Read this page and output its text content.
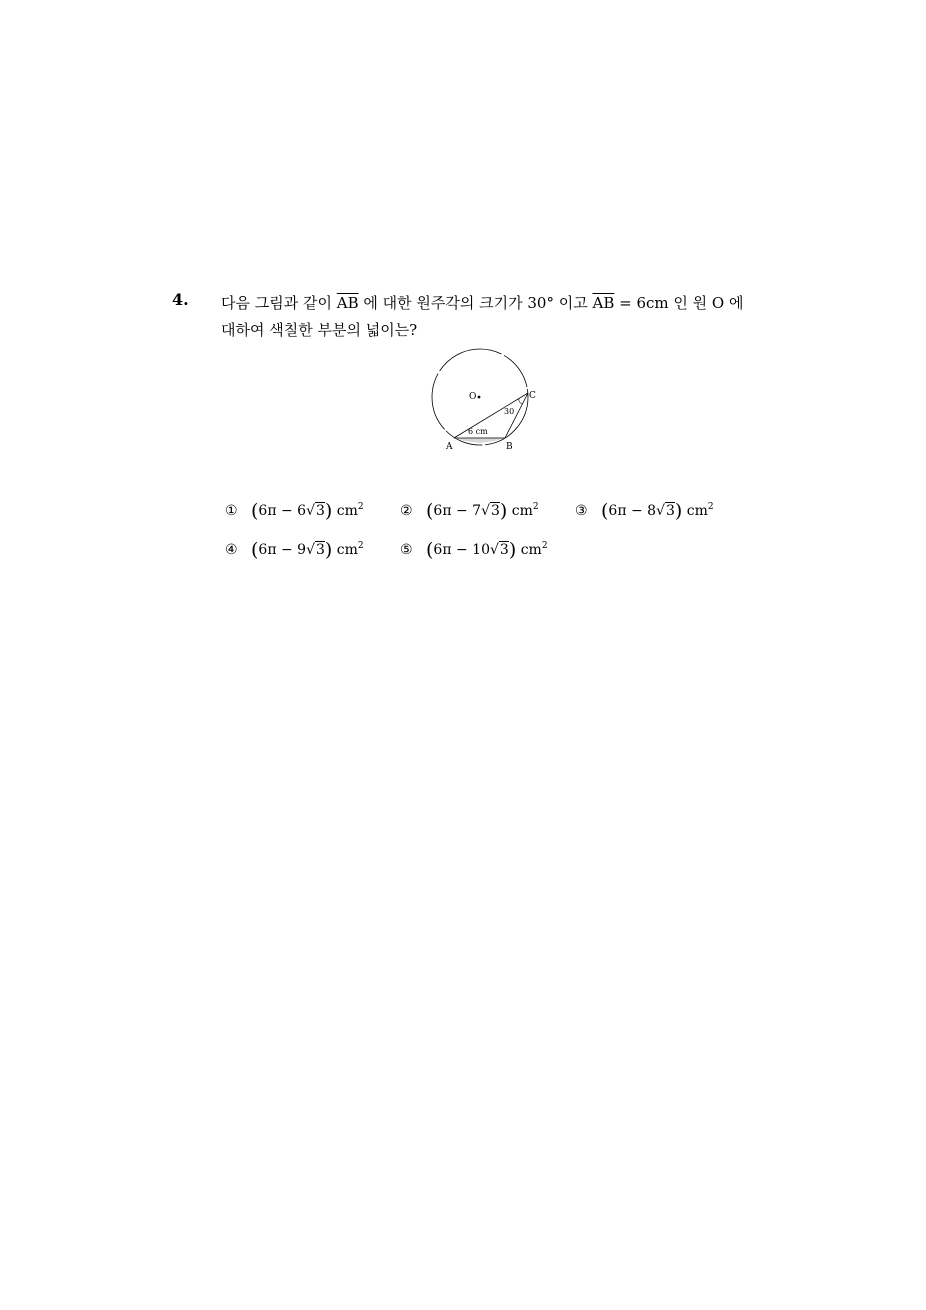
4. 다음 그림과 같이 $\overline{AB}$ 에 대한 원주각의 크기가 30° 이고 $\overline{AB} = 6cm$ 인 원 O 에
대하여 색칠한 부분의 넓이는?
O
30
6 cm
A	B
C
① (6π − 6√3) $cm^2$	② (6π − 7√3) $cm^2$	③ (6π − 8√3) $cm^2$
④ (6π − 9√3) $cm^2$	⑤ (6π − 10√3) $cm^2$
